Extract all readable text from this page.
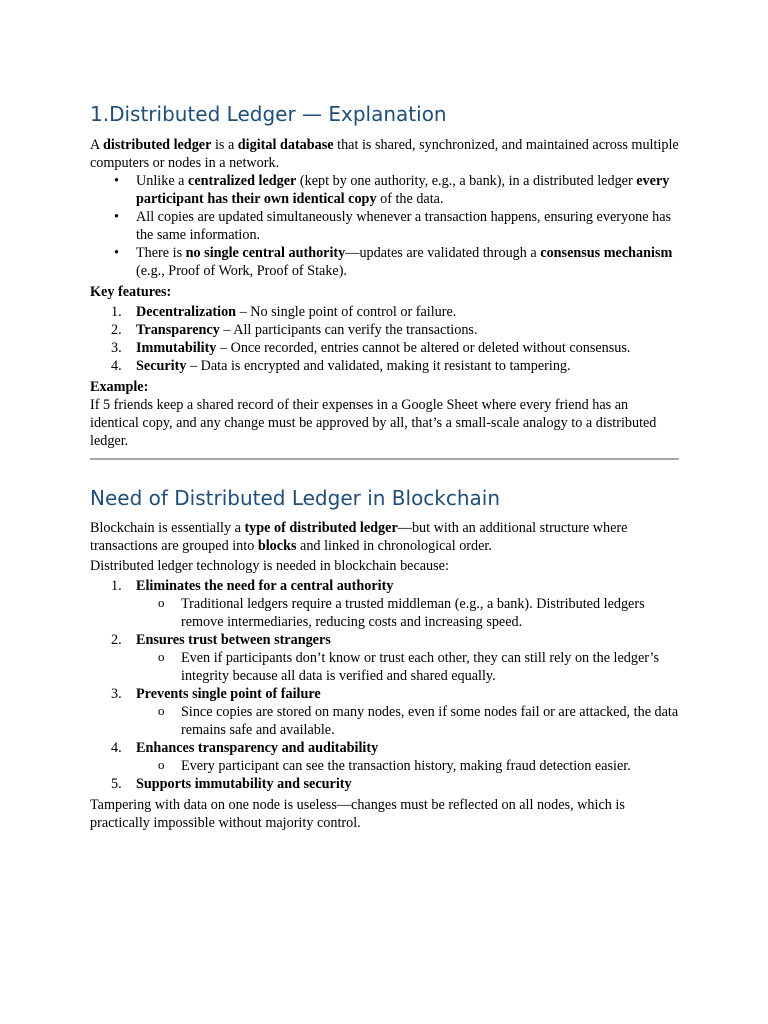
1.Distributed Ledger — Explanation

A distributed ledger is a digital database that is shared, synchronized, and maintained across multiple computers or nodes in a network.

• Unlike a centralized ledger (kept by one authority, e.g., a bank), in a distributed ledger every participant has their own identical copy of the data.
• All copies are updated simultaneously whenever a transaction happens, ensuring everyone has the same information.
• There is no single central authority—updates are validated through a consensus mechanism (e.g., Proof of Work, Proof of Stake).

Key features:

1. Decentralization – No single point of control or failure.
2. Transparency – All participants can verify the transactions.
3. Immutability – Once recorded, entries cannot be altered or deleted without consensus.
4. Security – Data is encrypted and validated, making it resistant to tampering.

Example:

If 5 friends keep a shared record of their expenses in a Google Sheet where every friend has an identical copy, and any change must be approved by all, that’s a small-scale analogy to a distributed ledger.

Need of Distributed Ledger in Blockchain

Blockchain is essentially a type of distributed ledger—but with an additional structure where transactions are grouped into blocks and linked in chronological order.

Distributed ledger technology is needed in blockchain because:

1. Eliminates the need for a central authority
o Traditional ledgers require a trusted middleman (e.g., a bank). Distributed ledgers remove intermediaries, reducing costs and increasing speed.
2. Ensures trust between strangers
o Even if participants don’t know or trust each other, they can still rely on the ledger’s integrity because all data is verified and shared equally.
3. Prevents single point of failure
o Since copies are stored on many nodes, even if some nodes fail or are attacked, the data remains safe and available.
4. Enhances transparency and auditability
o Every participant can see the transaction history, making fraud detection easier.
5. Supports immutability and security

Tampering with data on one node is useless—changes must be reflected on all nodes, which is practically impossible without majority control.
